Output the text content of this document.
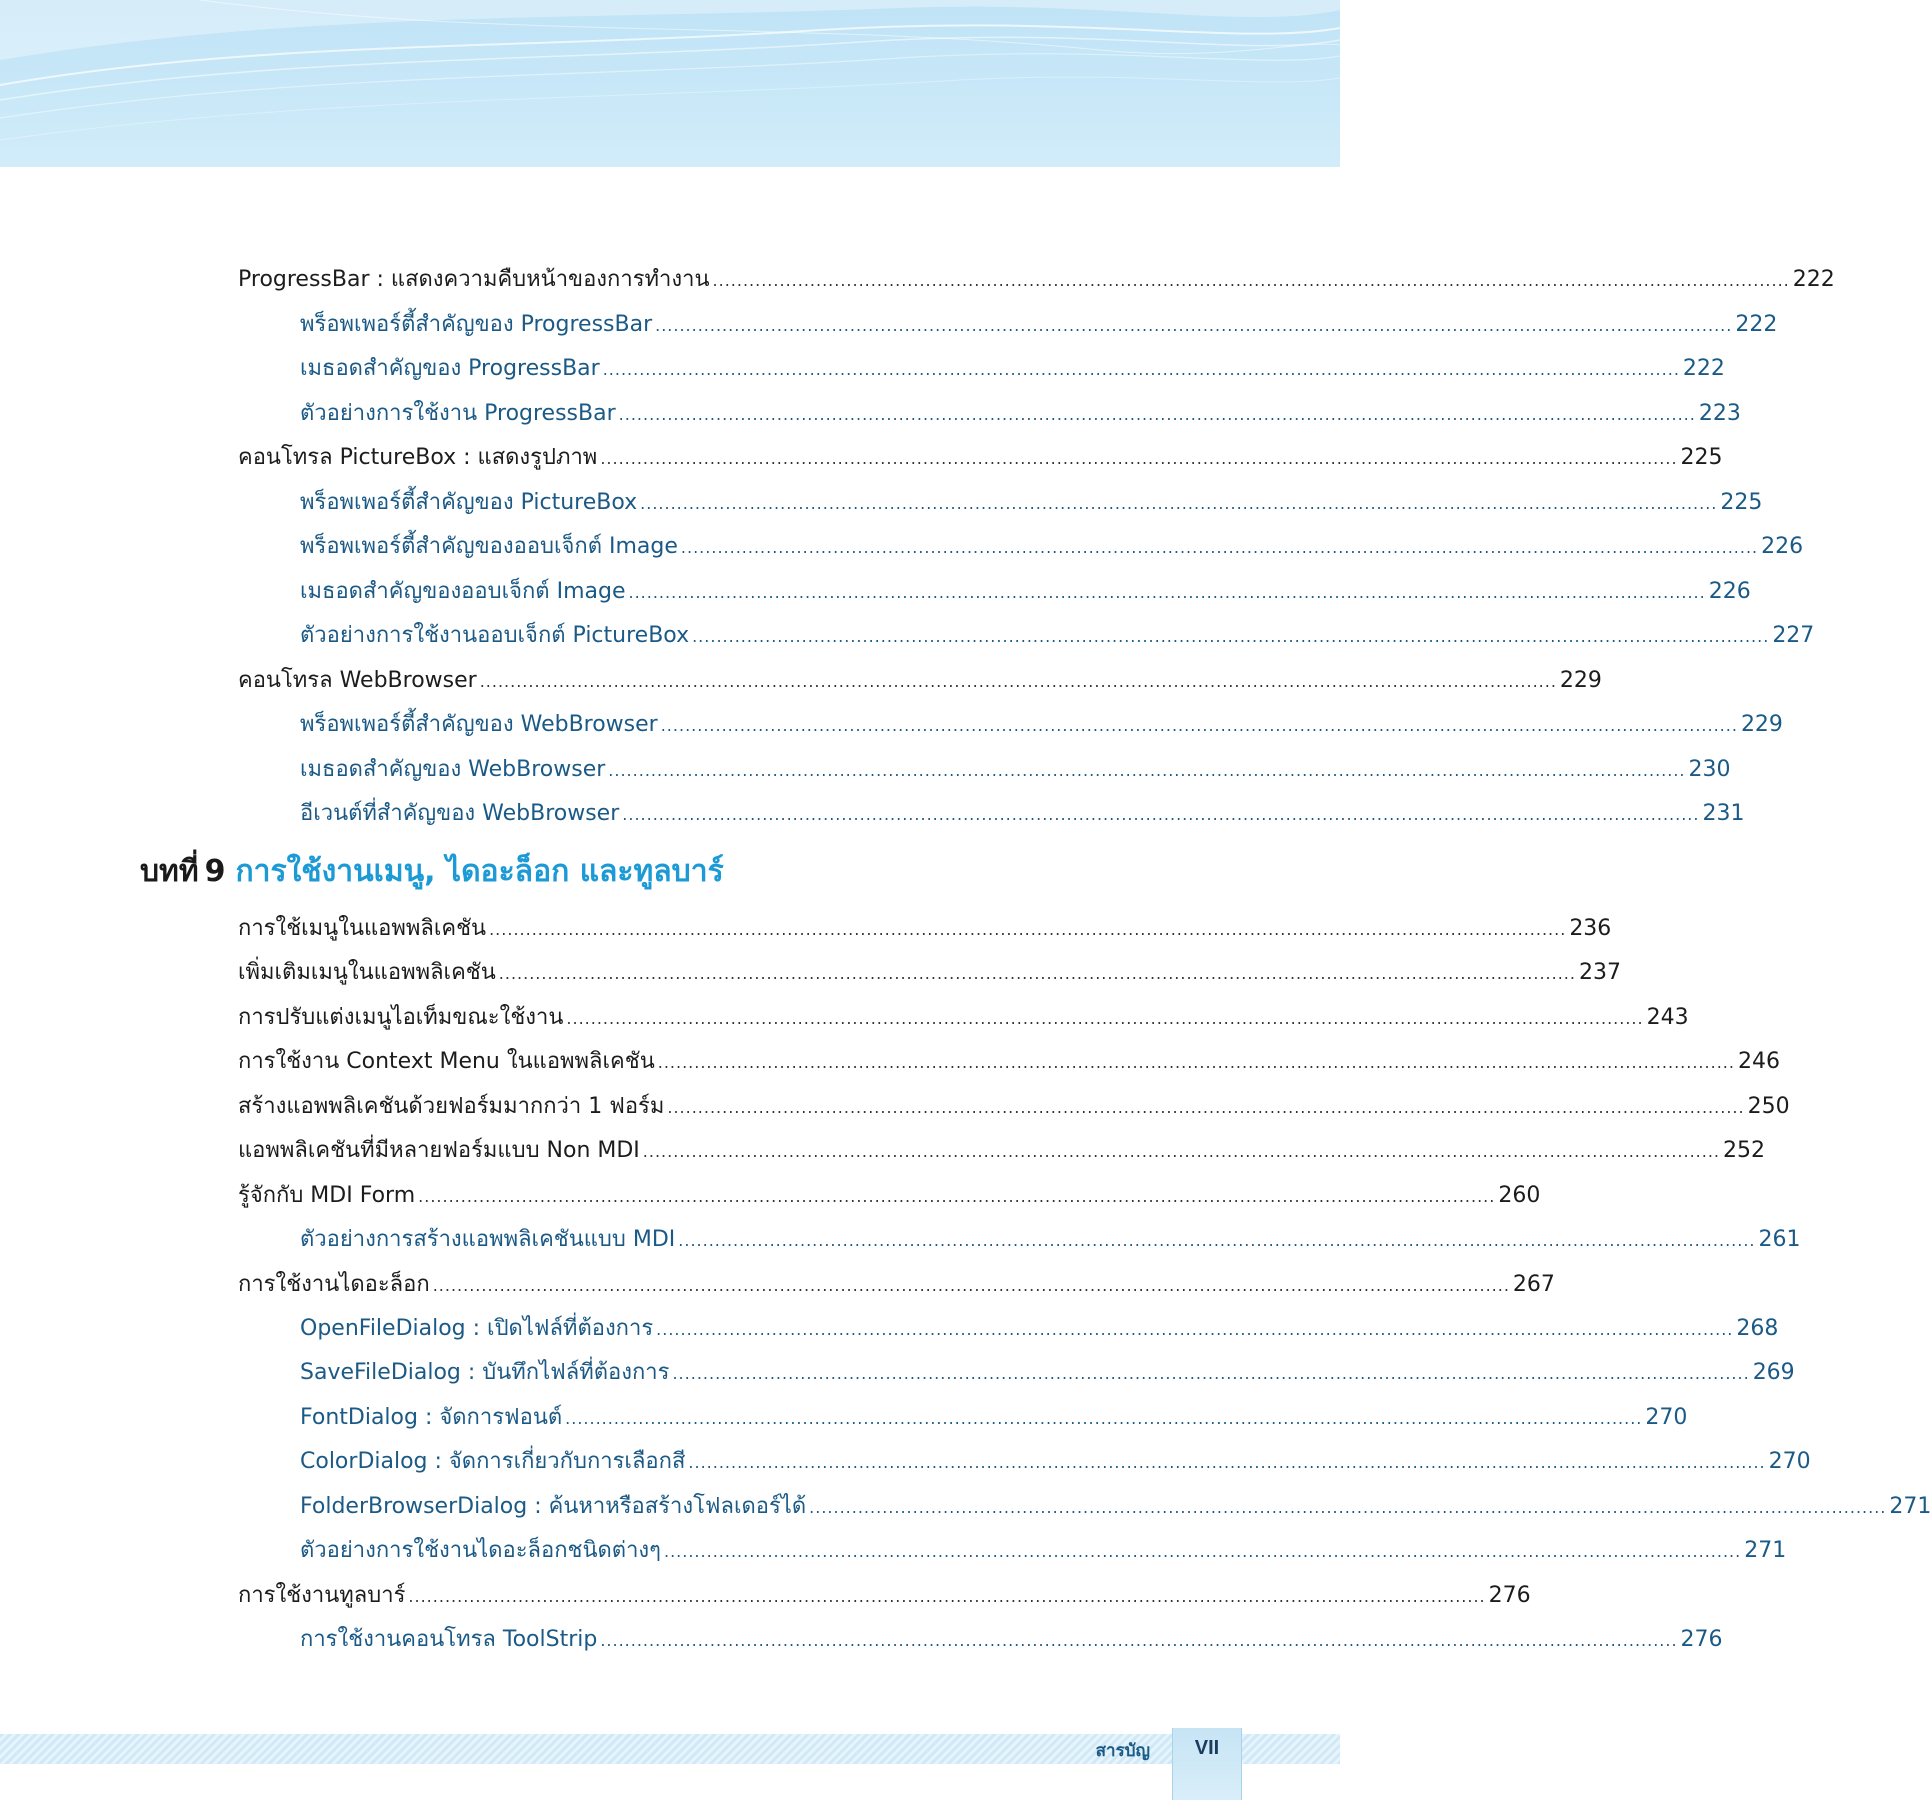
ProgressBar : แสดงความคืบหน้าของการทำงาน ................................................................................................................................................................................. 222
พร็อพเพอร์ตี้สำคัญของ ProgressBar ................................................................................................................................................................................. 222
เมธอดสำคัญของ ProgressBar ................................................................................................................................................................................. 222
ตัวอย่างการใช้งาน ProgressBar ................................................................................................................................................................................. 223
คอนโทรล PictureBox : แสดงรูปภาพ ................................................................................................................................................................................. 225
พร็อพเพอร์ตี้สำคัญของ PictureBox ................................................................................................................................................................................. 225
พร็อพเพอร์ตี้สำคัญของออบเจ็กต์ Image ................................................................................................................................................................................. 226
เมธอดสำคัญของออบเจ็กต์ Image ................................................................................................................................................................................. 226
ตัวอย่างการใช้งานออบเจ็กต์ PictureBox ................................................................................................................................................................................. 227
คอนโทรล WebBrowser ................................................................................................................................................................................. 229
พร็อพเพอร์ตี้สำคัญของ WebBrowser ................................................................................................................................................................................. 229
เมธอดสำคัญของ WebBrowser ................................................................................................................................................................................. 230
อีเวนต์ที่สำคัญของ WebBrowser ................................................................................................................................................................................. 231
บทที่ 9 การใช้งานเมนู, ไดอะล็อก และทูลบาร์
การใช้เมนูในแอพพลิเคชัน ................................................................................................................................................................................. 236
เพิ่มเติมเมนูในแอพพลิเคชัน ................................................................................................................................................................................. 237
การปรับแต่งเมนูไอเท็มขณะใช้งาน ................................................................................................................................................................................. 243
การใช้งาน Context Menu ในแอพพลิเคชัน ................................................................................................................................................................................. 246
สร้างแอพพลิเคชันด้วยฟอร์มมากกว่า 1 ฟอร์ม ................................................................................................................................................................................. 250
แอพพลิเคชันที่มีหลายฟอร์มแบบ Non MDI ................................................................................................................................................................................. 252
รู้จักกับ MDI Form ................................................................................................................................................................................. 260
ตัวอย่างการสร้างแอพพลิเคชันแบบ MDI ................................................................................................................................................................................. 261
การใช้งานไดอะล็อก ................................................................................................................................................................................. 267
OpenFileDialog : เปิดไฟล์ที่ต้องการ ................................................................................................................................................................................. 268
SaveFileDialog : บันทึกไฟล์ที่ต้องการ ................................................................................................................................................................................. 269
FontDialog : จัดการฟอนต์ ................................................................................................................................................................................. 270
ColorDialog : จัดการเกี่ยวกับการเลือกสี ................................................................................................................................................................................. 270
FolderBrowserDialog : ค้นหาหรือสร้างโฟลเดอร์ได้ ................................................................................................................................................................................. 271
ตัวอย่างการใช้งานไดอะล็อกชนิดต่างๆ ................................................................................................................................................................................. 271
การใช้งานทูลบาร์ ................................................................................................................................................................................. 276
การใช้งานคอนโทรล ToolStrip ................................................................................................................................................................................. 276
สารบัญ	VII
